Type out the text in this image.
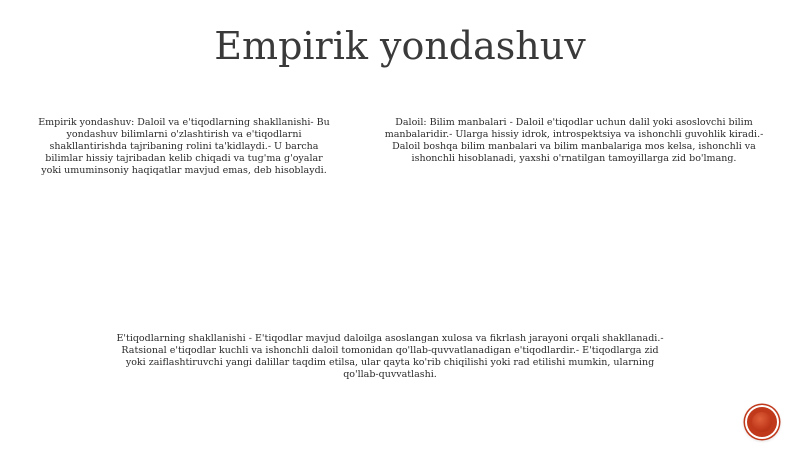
Empirik yondashuv

Empirik yondashuv: Daloil va e'tiqodlarning shakllanishi- Bu yondashuv bilimlarni o'zlashtirish va e'tiqodlarni shakllantirishda tajribaning rolini ta'kidlaydi.- U barcha bilimlar hissiy tajribadan kelib chiqadi va tug'ma g'oyalar yoki umuminsoniy haqiqatlar mavjud emas, deb hisoblaydi.

Daloil: Bilim manbalari - Daloil e'tiqodlar uchun dalil yoki asoslovchi bilim manbalaridir.- Ularga hissiy idrok, introspektsiya va ishonchli guvohlik kiradi.- Daloil boshqa bilim manbalari va bilim manbalariga mos kelsa, ishonchli va ishonchli hisoblanadi, yaxshi o'rnatilgan tamoyillarga zid bo'lmang.

E'tiqodlarning shakllanishi - E'tiqodlar mavjud daloilga asoslangan xulosa va fikrlash jarayoni orqali shakllanadi.- Ratsional e'tiqodlar kuchli va ishonchli daloil tomonidan qo'llab-quvvatlanadigan e'tiqodlardir.- E'tiqodlarga zid yoki zaiflashtiruvchi yangi dalillar taqdim etilsa, ular qayta ko'rib chiqilishi yoki rad etilishi mumkin, ularning qo'llab-quvvatlashi.
